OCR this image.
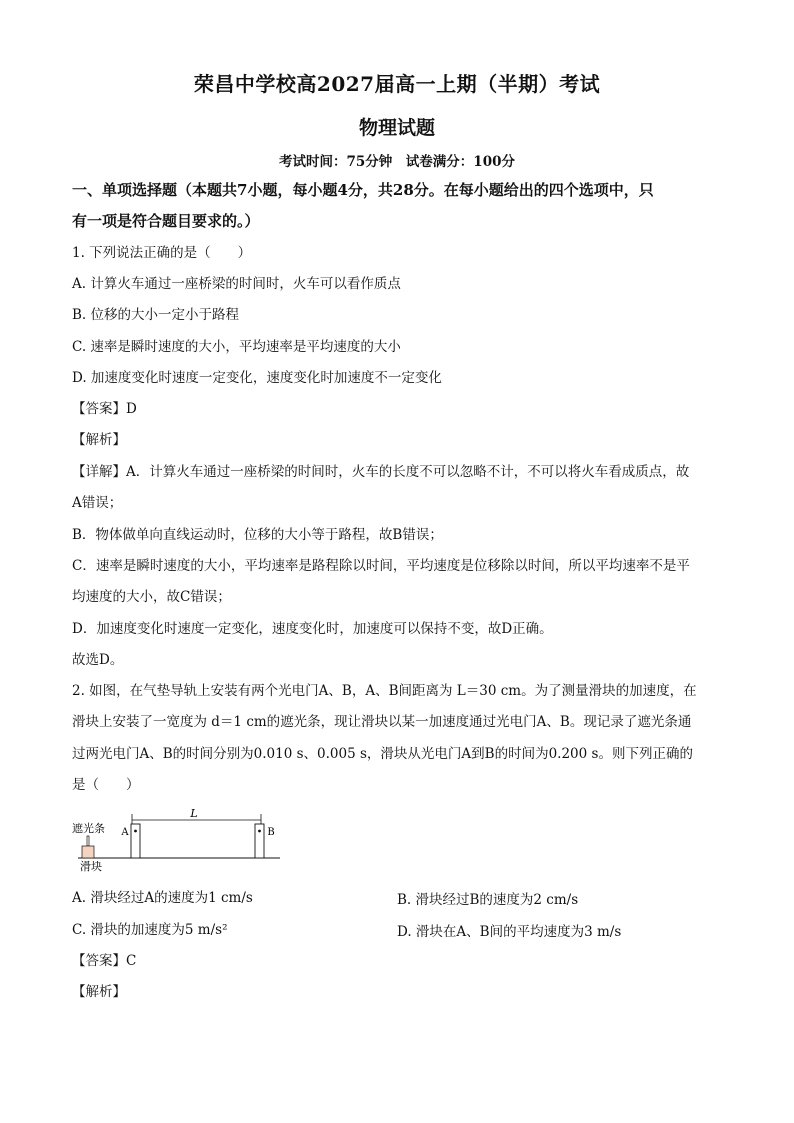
荣昌中学校高2027届高一上期（半期）考试
物理试题
考试时间：75分钟　试卷满分：100分
一、单项选择题（本题共7小题，每小题4分，共28分。在每小题给出的四个选项中，只
有一项是符合题目要求的。）
1. 下列说法正确的是（　　）
A. 计算火车通过一座桥梁的时间时，火车可以看作质点
B. 位移的大小一定小于路程
C. 速率是瞬时速度的大小，平均速率是平均速度的大小
D. 加速度变化时速度一定变化，速度变化时加速度不一定变化
【答案】D
【解析】
【详解】A．计算火车通过一座桥梁的时间时，火车的长度不可以忽略不计，不可以将火车看成质点，故
A错误；
B．物体做单向直线运动时，位移的大小等于路程，故B错误；
C．速率是瞬时速度的大小，平均速率是路程除以时间，平均速度是位移除以时间，所以平均速率不是平
均速度的大小，故C错误；
D．加速度变化时速度一定变化，速度变化时，加速度可以保持不变，故D正确。
故选D。
2. 如图，在气垫导轨上安装有两个光电门A、B，A、B间距离为 L＝30 cm。为了测量滑块的加速度，在
滑块上安装了一宽度为 d＝1 cm的遮光条，现让滑块以某一加速度通过光电门A、B。现记录了遮光条通
过两光电门A、B的时间分别为0.010 s、0.005 s，滑块从光电门A到B的时间为0.200 s。则下列正确的
是（　　）
L
A	B
遮光条
滑块
A. 滑块经过A的速度为1 cm/s	B. 滑块经过B的速度为2 cm/s
C. 滑块的加速度为5 m/s²	D. 滑块在A、B间的平均速度为3 m/s
【答案】C
【解析】
